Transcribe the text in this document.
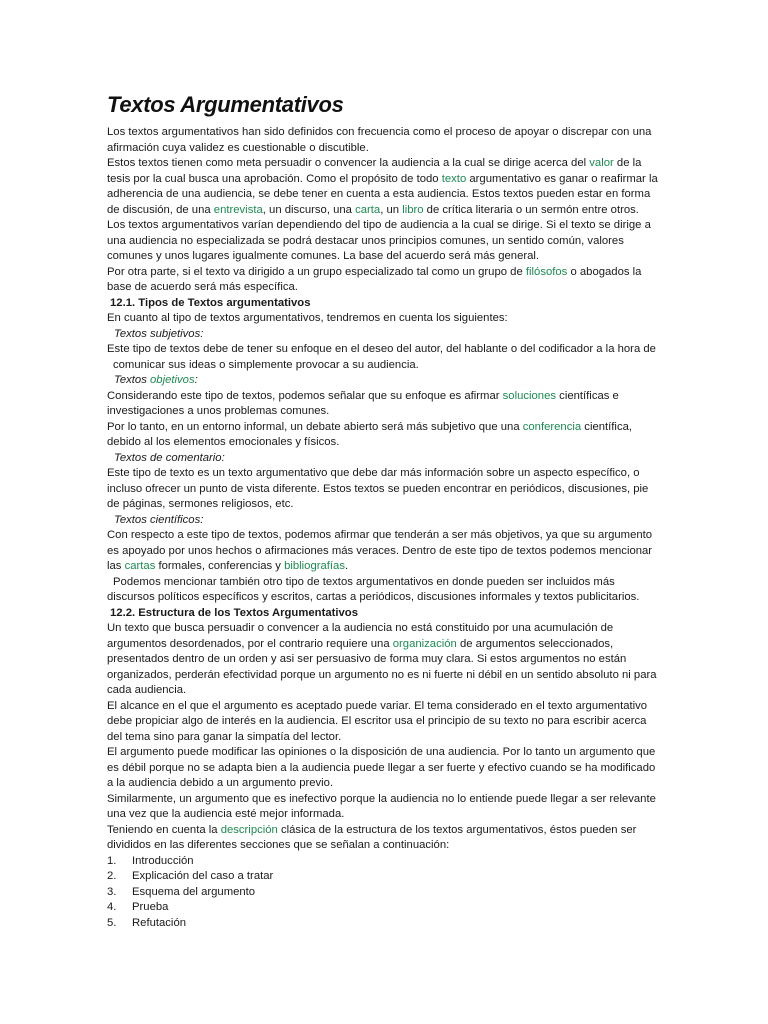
Textos Argumentativos
Los textos argumentativos han sido definidos con frecuencia como el proceso de apoyar o discrepar con una
afirmación cuya validez es cuestionable o discutible.
Estos textos tienen como meta persuadir o convencer la audiencia a la cual se dirige acerca del valor de la
tesis por la cual busca una aprobación. Como el propósito de todo texto argumentativo es ganar o reafirmar la
adherencia de una audiencia, se debe tener en cuenta a esta audiencia. Estos textos pueden estar en forma
de discusión, de una entrevista, un discurso, una carta, un libro de crítica literaria o un sermón entre otros.
Los textos argumentativos varían dependiendo del tipo de audiencia a la cual se dirige. Si el texto se dirige a
una audiencia no especializada se podrá destacar unos principios comunes, un sentido común, valores
comunes y unos lugares igualmente comunes. La base del acuerdo será más general.
Por otra parte, si el texto va dirigido a un grupo especializado tal como un grupo de filósofos o abogados la
base de acuerdo será más específica.
12.1. Tipos de Textos argumentativos
En cuanto al tipo de textos argumentativos, tendremos en cuenta los siguientes:
Textos subjetivos:
Este tipo de textos debe de tener su enfoque en el deseo del autor, del hablante o del codificador a la hora de
comunicar sus ideas o simplemente provocar a su audiencia.
Textos objetivos:
Considerando este tipo de textos, podemos señalar que su enfoque es afirmar soluciones científicas e
investigaciones a unos problemas comunes.
Por lo tanto, en un entorno informal, un debate abierto será más subjetivo que una conferencia científica,
debido al los elementos emocionales y físicos.
Textos de comentario:
Este tipo de texto es un texto argumentativo que debe dar más información sobre un aspecto específico, o
incluso ofrecer un punto de vista diferente. Estos textos se pueden encontrar en periódicos, discusiones, pie
de páginas, sermones religiosos, etc.
Textos científicos:
Con respecto a este tipo de textos, podemos afirmar que tenderán a ser más objetivos, ya que su argumento
es apoyado por unos hechos o afirmaciones más veraces. Dentro de este tipo de textos podemos mencionar
las cartas formales, conferencias y bibliografías.
Podemos mencionar también otro tipo de textos argumentativos en donde pueden ser incluidos más
discursos políticos específicos y escritos, cartas a periódicos, discusiones informales y textos publicitarios.
12.2. Estructura de los Textos Argumentativos
Un texto que busca persuadir o convencer a la audiencia no está constituido por una acumulación de
argumentos desordenados, por el contrario requiere una organización de argumentos seleccionados,
presentados dentro de un orden y asi ser persuasivo de forma muy clara. Si estos argumentos no están
organizados, perderán efectividad porque un argumento no es ni fuerte ni débil en un sentido absoluto ni para
cada audiencia.
El alcance en el que el argumento es aceptado puede variar. El tema considerado en el texto argumentativo
debe propiciar algo de interés en la audiencia. El escritor usa el principio de su texto no para escribir acerca
del tema sino para ganar la simpatía del lector.
El argumento puede modificar las opiniones o la disposición de una audiencia. Por lo tanto un argumento que
es débil porque no se adapta bien a la audiencia puede llegar a ser fuerte y efectivo cuando se ha modificado
a la audiencia debido a un argumento previo.
Similarmente, un argumento que es inefectivo porque la audiencia no lo entiende puede llegar a ser relevante
una vez que la audiencia esté mejor informada.
Teniendo en cuenta la descripción clásica de la estructura de los textos argumentativos, éstos pueden ser
divididos en las diferentes secciones que se señalan a continuación:
1. Introducción
2. Explicación del caso a tratar
3. Esquema del argumento
4. Prueba
5. Refutación
